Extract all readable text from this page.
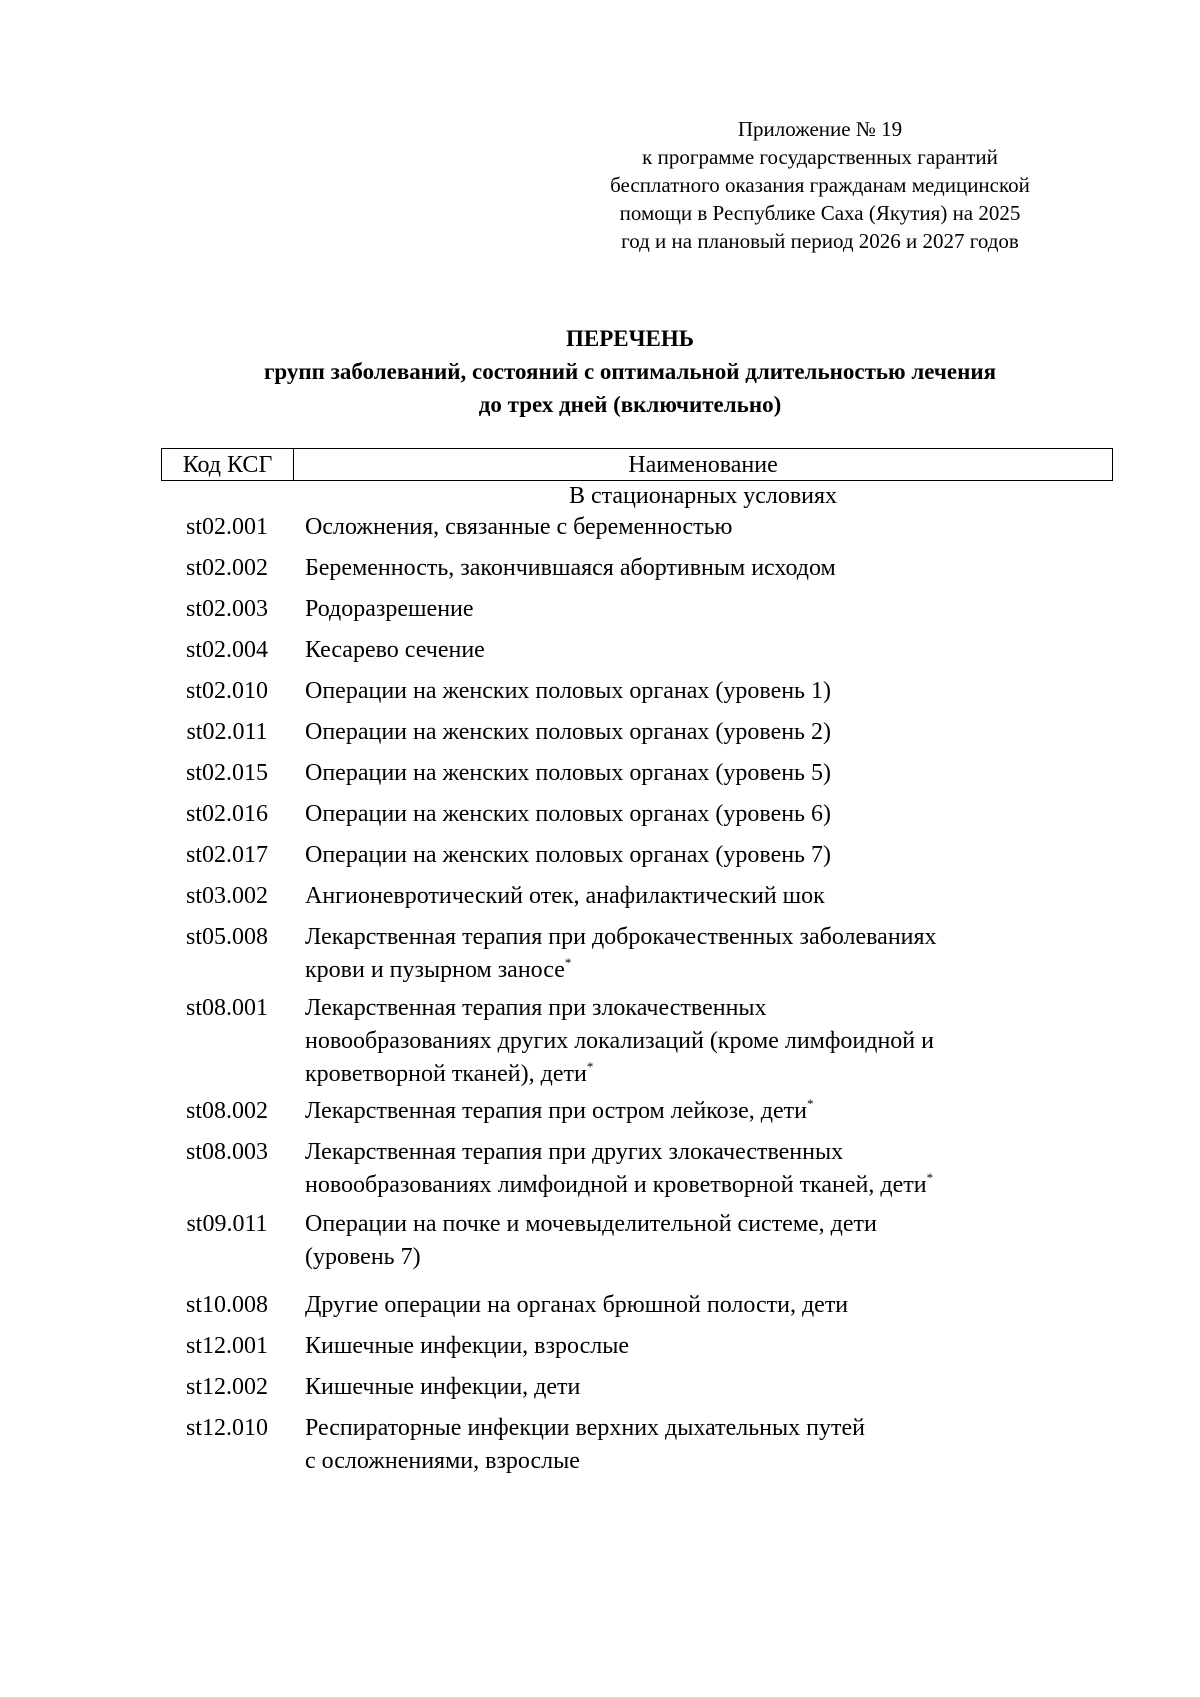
Приложение № 19
к программе государственных гарантий
бесплатного оказания гражданам медицинской
помощи в Республике Саха (Якутия) на 2025
год и на плановый период 2026 и 2027 годов
ПЕРЕЧЕНЬ
групп заболеваний, состояний с оптимальной длительностью лечения
до трех дней (включительно)
Код КСГ	Наименование
В стационарных условиях
st02.001	Осложнения, связанные с беременностью
st02.002	Беременность, закончившаяся абортивным исходом
st02.003	Родоразрешение
st02.004	Кесарево сечение
st02.010	Операции на женских половых органах (уровень 1)
st02.011	Операции на женских половых органах (уровень 2)
st02.015	Операции на женских половых органах (уровень 5)
st02.016	Операции на женских половых органах (уровень 6)
st02.017	Операции на женских половых органах (уровень 7)
st03.002	Ангионевротический отек, анафилактический шок
st05.008	Лекарственная терапия при доброкачественных заболеваниях
крови и пузырном заносе*
st08.001	Лекарственная терапия при злокачественных
новообразованиях других локализаций (кроме лимфоидной и
кроветворной тканей), дети*
st08.002	Лекарственная терапия при остром лейкозе, дети*
st08.003	Лекарственная терапия при других злокачественных
новообразованиях лимфоидной и кроветворной тканей, дети*
st09.011	Операции на почке и мочевыделительной системе, дети
(уровень 7)
st10.008	Другие операции на органах брюшной полости, дети
st12.001	Кишечные инфекции, взрослые
st12.002	Кишечные инфекции, дети
st12.010	Респираторные инфекции верхних дыхательных путей
с осложнениями, взрослые
